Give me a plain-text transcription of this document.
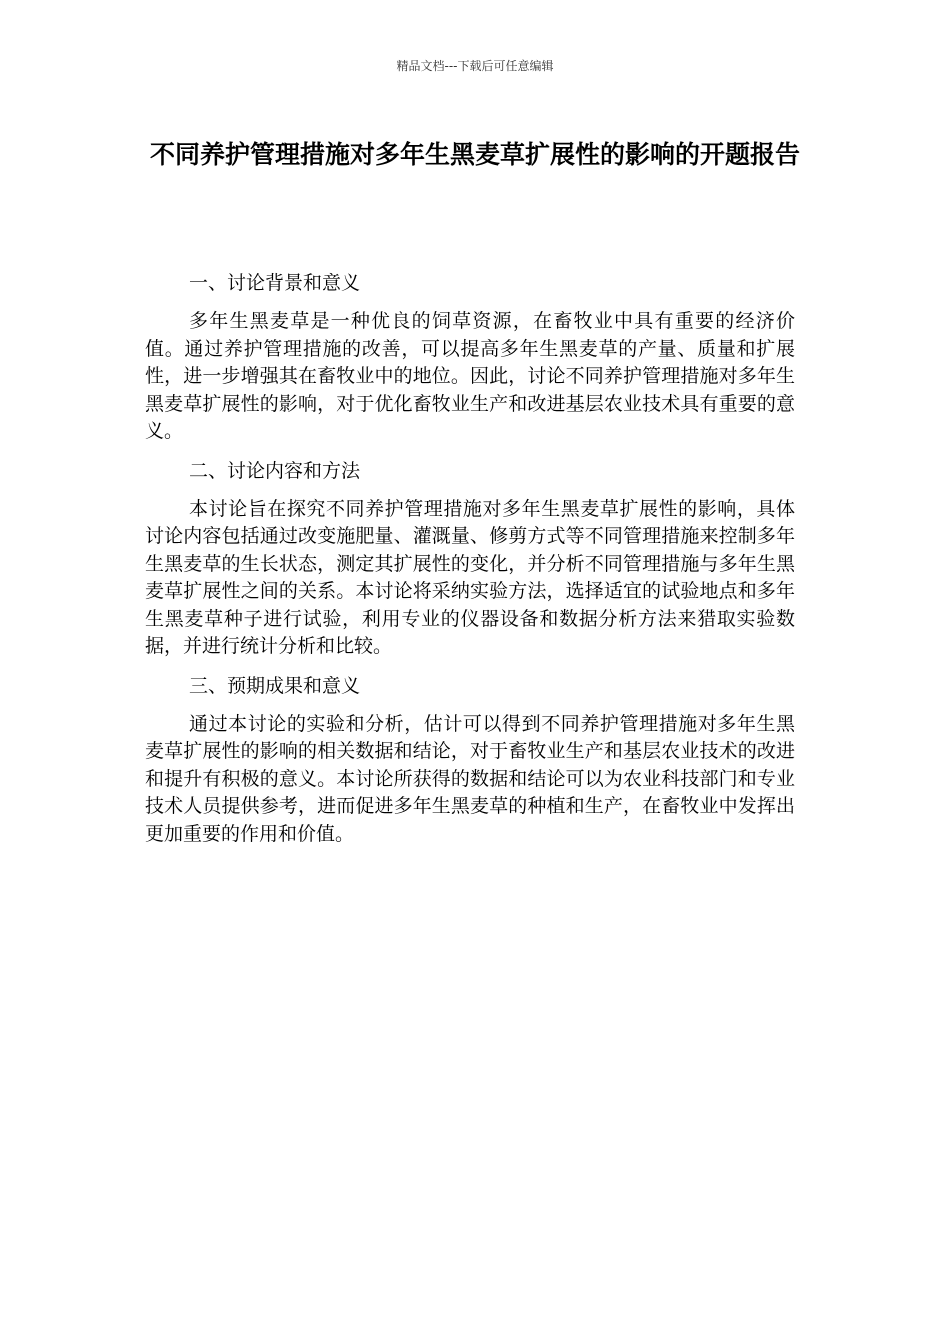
精品文档---下载后可任意编辑
不同养护管理措施对多年生黑麦草扩展性的影响的开题报告

一、讨论背景和意义

多年生黑麦草是一种优良的饲草资源，在畜牧业中具有重要的经济价值。通过养护管理措施的改善，可以提高多年生黑麦草的产量、质量和扩展性，进一步增强其在畜牧业中的地位。因此，讨论不同养护管理措施对多年生黑麦草扩展性的影响，对于优化畜牧业生产和改进基层农业技术具有重要的意义。

二、讨论内容和方法

本讨论旨在探究不同养护管理措施对多年生黑麦草扩展性的影响，具体讨论内容包括通过改变施肥量、灌溉量、修剪方式等不同管理措施来控制多年生黑麦草的生长状态，测定其扩展性的变化，并分析不同管理措施与多年生黑麦草扩展性之间的关系。本讨论将采纳实验方法，选择适宜的试验地点和多年生黑麦草种子进行试验，利用专业的仪器设备和数据分析方法来猎取实验数据，并进行统计分析和比较。

三、预期成果和意义

通过本讨论的实验和分析，估计可以得到不同养护管理措施对多年生黑麦草扩展性的影响的相关数据和结论，对于畜牧业生产和基层农业技术的改进和提升有积极的意义。本讨论所获得的数据和结论可以为农业科技部门和专业技术人员提供参考，进而促进多年生黑麦草的种植和生产，在畜牧业中发挥出更加重要的作用和价值。
